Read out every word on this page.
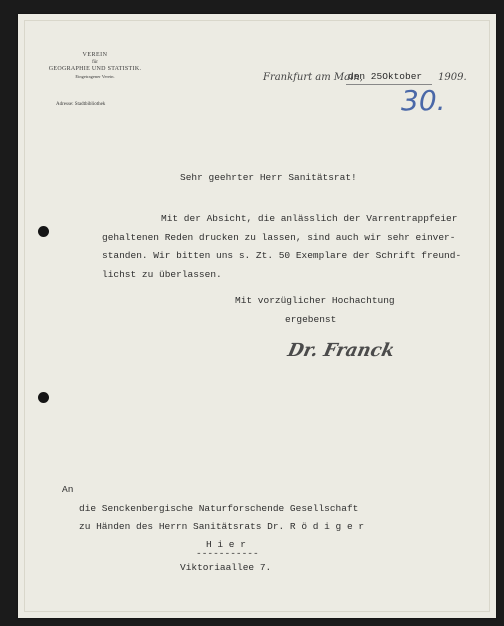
VEREIN
für
GEOGRAPHIE UND STATISTIK.
Eingetragener Verein.
Adresse: Stadtbibliothek
Frankfurt am Main,
den 25Oktober 1909.
30.
Sehr geehrter Herr Sanitätsrat!
Mit der Absicht, die anlässlich der Varrentrappfeier
gehaltenen Reden drucken zu lassen, sind auch wir sehr einver-
standen. Wir bitten uns s. Zt. 50 Exemplare der Schrift freund-
lichst zu überlassen.
Mit vorzüglicher Hochachtung
ergebenst
Dr. Franck
An
die Senckenbergische Naturforschende Gesellschaft
zu Händen des Herrn Sanitätsrats Dr. R ö d i g e r
H i e r
-----------
Viktoriaallee 7.
